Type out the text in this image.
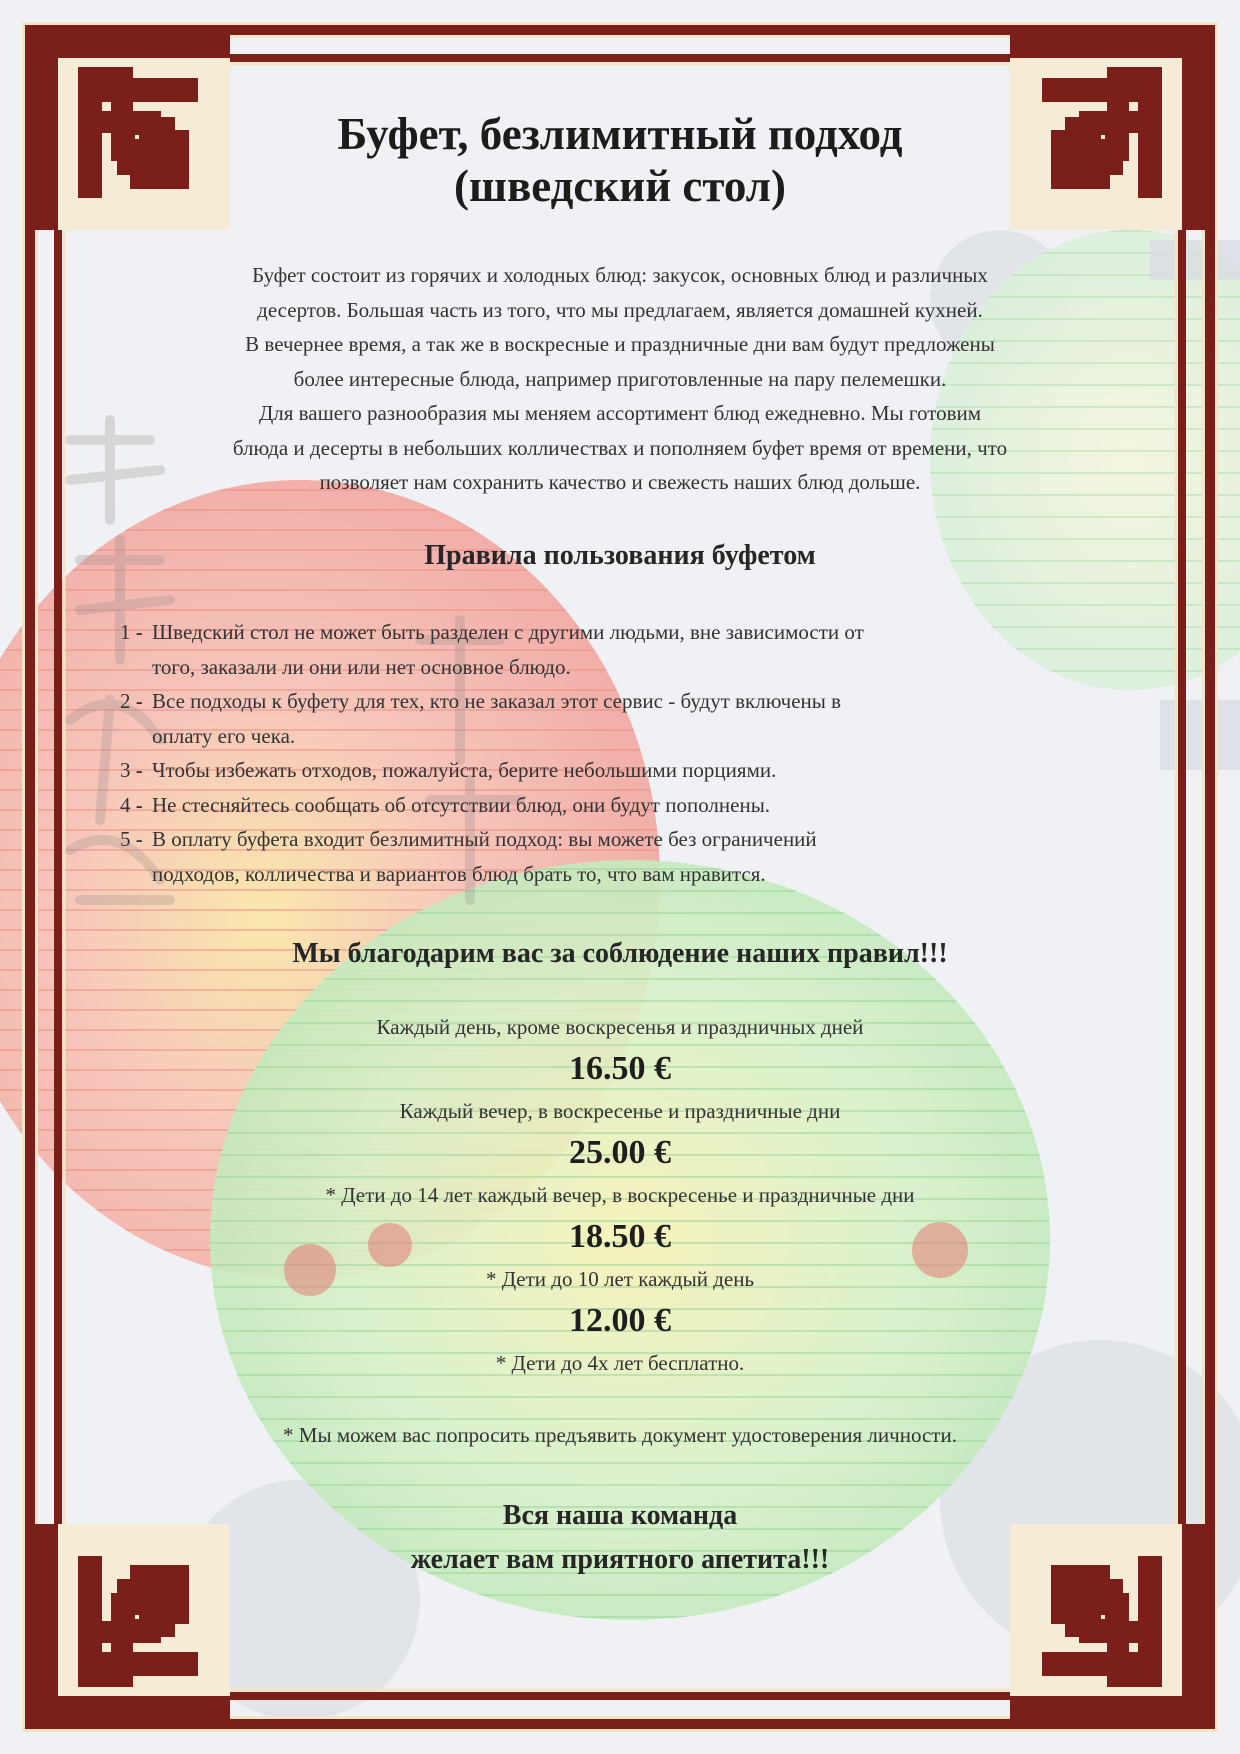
Буфет, безлимитный подход
(шведский стол)

Буфет состоит из горячих и холодных блюд: закусок, основных блюд и различных

десертов. Большая часть из того, что мы предлагаем, является домашней кухней.

В вечернее время, а так же в воскресные и праздничные дни вам будут предложены

более интересные блюда, например приготовленные на пару пелемешки.

Для вашего разнообразия мы меняем ассортимент блюд ежедневно. Мы готовим

блюда и десерты в небольших колличествах и пополняем буфет время от времени, что

позволяет нам сохранить качество и свежесть наших блюд дольше.

Правила пользования буфетом
1 - Шведский стол не может быть разделен с другими людьми, вне зависимости от
того, заказали ли они или нет основное блюдо.
2 - Все подходы к буфету для тех, кто не заказал этот сервис - будут включены в
оплату его чека.
3 - Чтобы избежать отходов, пожалуйста, берите небольшими порциями.
4 - Не стесняйтесь сообщать об отсутствии блюд, они будут пополнены.
5 - В оплату буфета входит безлимитный подход: вы можете без ограничений
подходов, колличества и вариантов блюд брать то, что вам нравится.
Мы благодарим вас за соблюдение наших правил!!!
Каждый день, кроме воскресенья и праздничных дней
16.50 €
Каждый вечер, в воскресенье и праздничные дни
25.00 €
* Дети до 14 лет каждый вечер, в воскресенье и праздничные дни
18.50 €
* Дети до 10 лет каждый день
12.00 €
* Дети до 4х лет бесплатно.
* Мы можем вас попросить предъявить документ удостоверения личности.
Вся наша команда
желает вам приятного апетита!!!
